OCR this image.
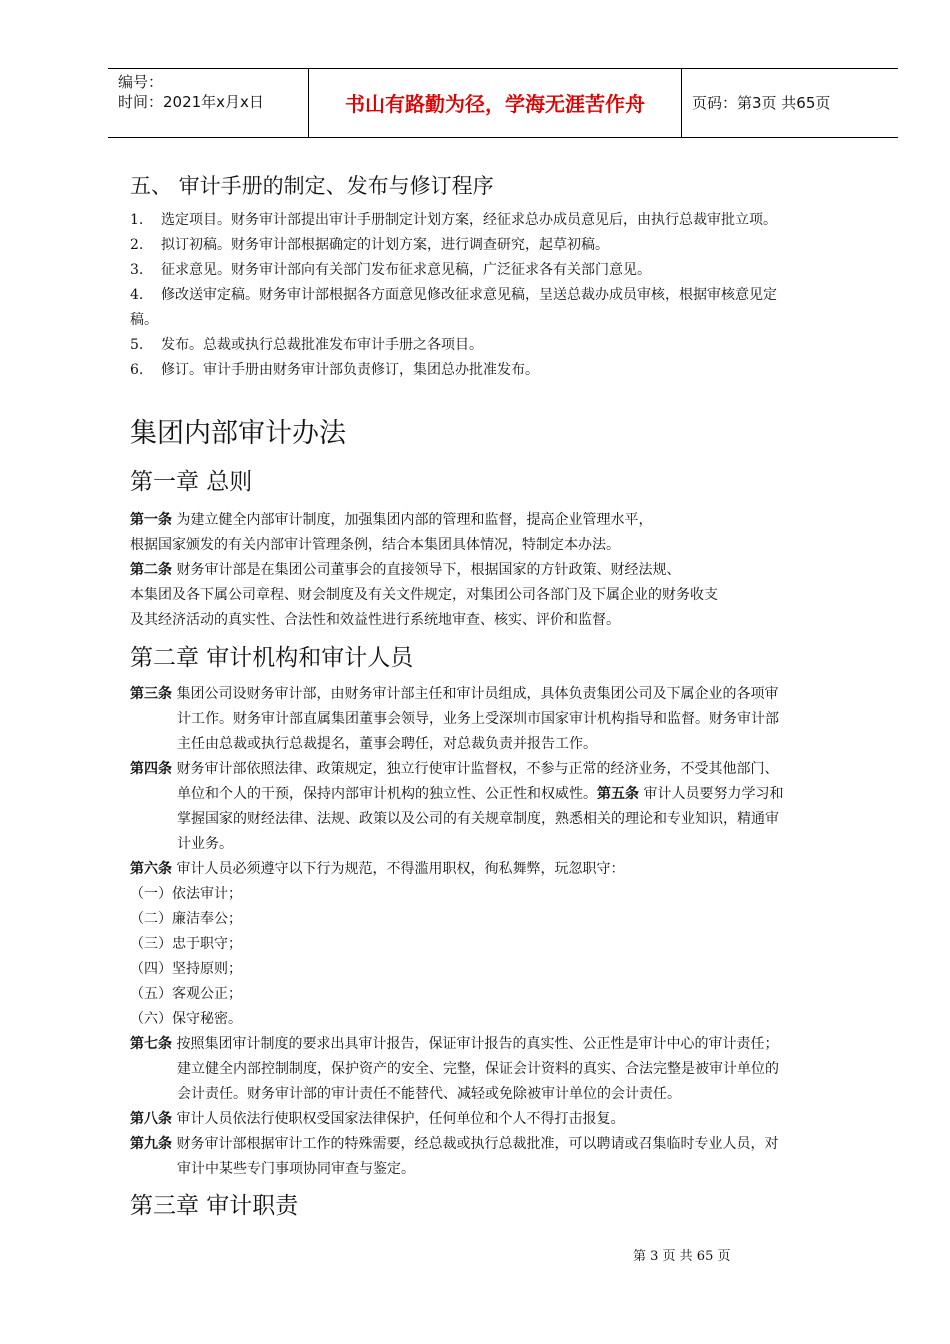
编号：
时间：2021年x月x日	书山有路勤为径，学海无涯苦作舟	页码：第3页 共65页
五、 审计手册的制定、发布与修订程序
1. 选定项目。财务审计部提出审计手册制定计划方案，经征求总办成员意见后，由执行总裁审批立项。
2. 拟订初稿。财务审计部根据确定的计划方案，进行调查研究，起草初稿。
3. 征求意见。财务审计部向有关部门发布征求意见稿，广泛征求各有关部门意见。
4. 修改送审定稿。财务审计部根据各方面意见修改征求意见稿，呈送总裁办成员审核，根据审核意见定
稿。
5. 发布。总裁或执行总裁批准发布审计手册之各项目。
6. 修订。审计手册由财务审计部负责修订，集团总办批准发布。
集团内部审计办法
第一章 总则
第一条 为建立健全内部审计制度，加强集团内部的管理和监督，提高企业管理水平，
根据国家颁发的有关内部审计管理条例，结合本集团具体情况，特制定本办法。
第二条 财务审计部是在集团公司董事会的直接领导下，根据国家的方针政策、财经法规、
本集团及各下属公司章程、财会制度及有关文件规定，对集团公司各部门及下属企业的财务收支
及其经济活动的真实性、合法性和效益性进行系统地审查、核实、评价和监督。
第二章 审计机构和审计人员
第三条 集团公司设财务审计部，由财务审计部主任和审计员组成，具体负责集团公司及下属企业的各项审
计工作。财务审计部直属集团董事会领导，业务上受深圳市国家审计机构指导和监督。财务审计部
主任由总裁或执行总裁提名，董事会聘任，对总裁负责并报告工作。
第四条 财务审计部依照法律、政策规定，独立行使审计监督权，不参与正常的经济业务，不受其他部门、
单位和个人的干预，保持内部审计机构的独立性、公正性和权威性。第五条 审计人员要努力学习和
掌握国家的财经法律、法规、政策以及公司的有关规章制度，熟悉相关的理论和专业知识，精通审
计业务。
第六条 审计人员必须遵守以下行为规范，不得滥用职权，徇私舞弊，玩忽职守：
（一）依法审计；
（二）廉洁奉公；
（三）忠于职守；
（四）坚持原则；
（五）客观公正；
（六）保守秘密。
第七条 按照集团审计制度的要求出具审计报告，保证审计报告的真实性、公正性是审计中心的审计责任；
建立健全内部控制制度，保护资产的安全、完整，保证会计资料的真实、合法完整是被审计单位的
会计责任。财务审计部的审计责任不能替代、减轻或免除被审计单位的会计责任。
第八条 审计人员依法行使职权受国家法律保护，任何单位和个人不得打击报复。
第九条 财务审计部根据审计工作的特殊需要，经总裁或执行总裁批准，可以聘请或召集临时专业人员，对
审计中某些专门事项协同审查与鉴定。
第三章 审计职责
第 3 页 共 65 页
